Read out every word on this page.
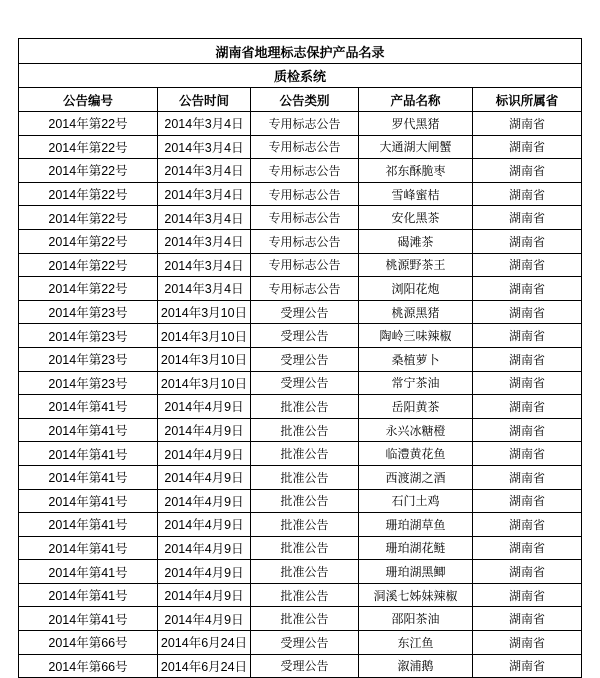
湖南省地理标志保护产品名录				
质检系统				
公告编号	公告时间	公告类别	产品名称	标识所属省
2014年第22号	2014年3月4日	专用标志公告	罗代黑猪	湖南省
2014年第22号	2014年3月4日	专用标志公告	大通湖大闸蟹	湖南省
2014年第22号	2014年3月4日	专用标志公告	祁东酥脆枣	湖南省
2014年第22号	2014年3月4日	专用标志公告	雪峰蜜桔	湖南省
2014年第22号	2014年3月4日	专用标志公告	安化黑茶	湖南省
2014年第22号	2014年3月4日	专用标志公告	碣滩茶	湖南省
2014年第22号	2014年3月4日	专用标志公告	桃源野茶王	湖南省
2014年第22号	2014年3月4日	专用标志公告	浏阳花炮	湖南省
2014年第23号	2014年3月10日	受理公告	桃源黑猪	湖南省
2014年第23号	2014年3月10日	受理公告	陶岭三味辣椒	湖南省
2014年第23号	2014年3月10日	受理公告	桑植萝卜	湖南省
2014年第23号	2014年3月10日	受理公告	常宁茶油	湖南省
2014年第41号	2014年4月9日	批准公告	岳阳黄茶	湖南省
2014年第41号	2014年4月9日	批准公告	永兴冰糖橙	湖南省
2014年第41号	2014年4月9日	批准公告	临澧黄花鱼	湖南省
2014年第41号	2014年4月9日	批准公告	西渡湖之酒	湖南省
2014年第41号	2014年4月9日	批准公告	石门土鸡	湖南省
2014年第41号	2014年4月9日	批准公告	珊珀湖草鱼	湖南省
2014年第41号	2014年4月9日	批准公告	珊珀湖花鲢	湖南省
2014年第41号	2014年4月9日	批准公告	珊珀湖黑鲫	湖南省
2014年第41号	2014年4月9日	批准公告	洞溪七姊妹辣椒	湖南省
2014年第41号	2014年4月9日	批准公告	邵阳茶油	湖南省
2014年第66号	2014年6月24日	受理公告	东江鱼	湖南省
2014年第66号	2014年6月24日	受理公告	溆浦鹅	湖南省
